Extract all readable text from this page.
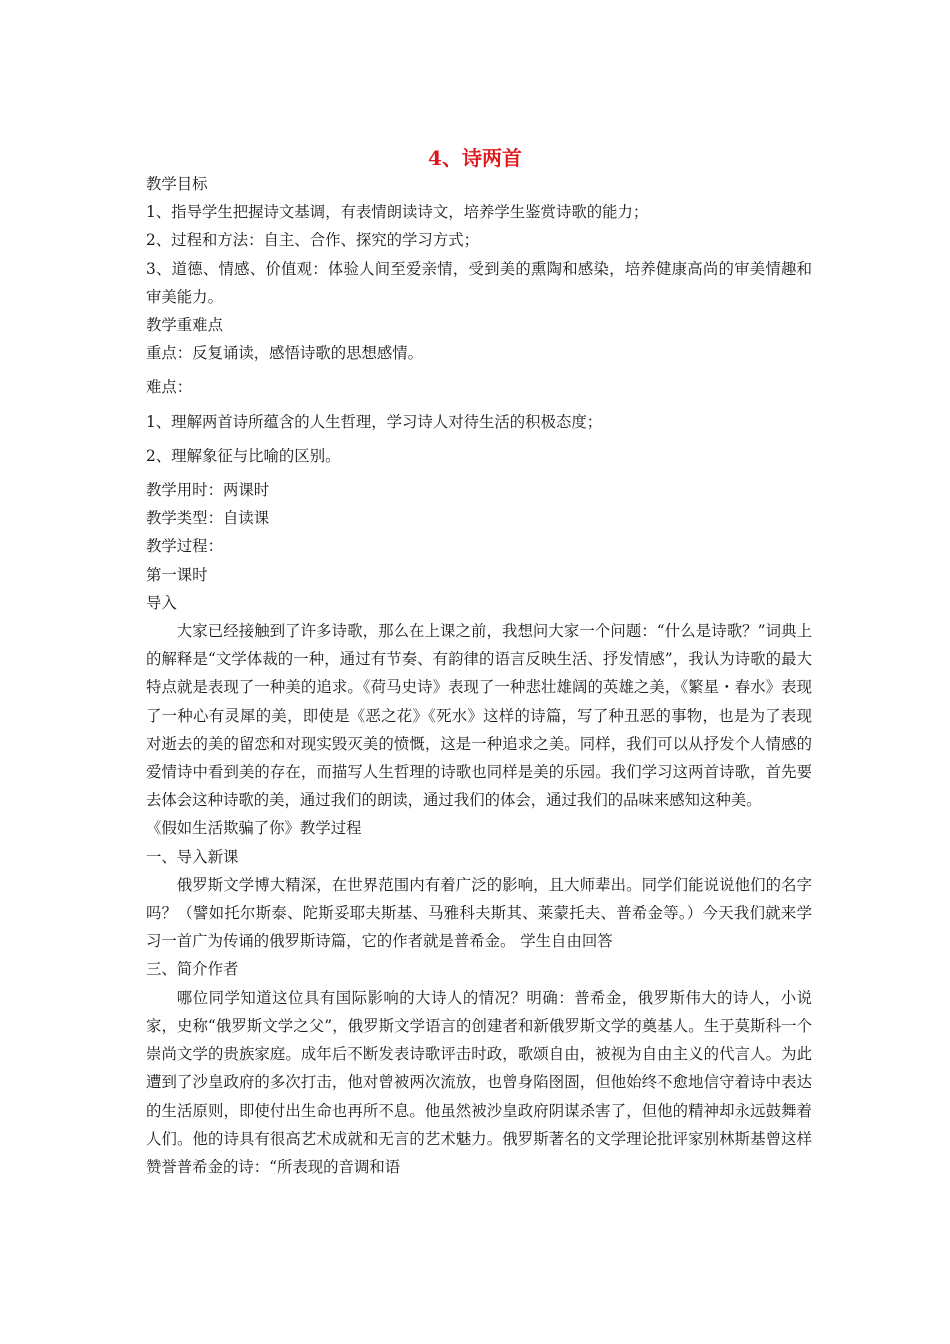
4、诗两首
教学目标
1、指导学生把握诗文基调，有表情朗读诗文，培养学生鉴赏诗歌的能力；
2、过程和方法：自主、合作、探究的学习方式；
3、道德、情感、价值观：体验人间至爱亲情，受到美的熏陶和感染，培养健康高尚的审美情趣和审美能力。
教学重难点
重点：反复诵读，感悟诗歌的思想感情。
难点：
1、理解两首诗所蕴含的人生哲理，学习诗人对待生活的积极态度；
2、理解象征与比喻的区别。
教学用时：两课时
教学类型：自读课
教学过程：
第一课时
导入
大家已经接触到了许多诗歌，那么在上课之前，我想问大家一个问题：“什么是诗歌？”词典上的解释是“文学体裁的一种，通过有节奏、有韵律的语言反映生活、抒发情感”，我认为诗歌的最大特点就是表现了一种美的追求。《荷马史诗》表现了一种悲壮雄阔的英雄之美，《繁星・春水》表现了一种心有灵犀的美，即使是《恶之花》《死水》这样的诗篇，写了种丑恶的事物，也是为了表现对逝去的美的留恋和对现实毁灭美的愤慨，这是一种追求之美。同样，我们可以从抒发个人情感的爱情诗中看到美的存在，而描写人生哲理的诗歌也同样是美的乐园。我们学习这两首诗歌，首先要去体会这种诗歌的美，通过我们的朗读，通过我们的体会，通过我们的品味来感知这种美。
《假如生活欺骗了你》教学过程
一、导入新课
俄罗斯文学博大精深，在世界范围内有着广泛的影响，且大师辈出。同学们能说说他们的名字吗？（譬如托尔斯泰、陀斯妥耶夫斯基、马雅科夫斯其、莱蒙托夫、普希金等。）今天我们就来学习一首广为传诵的俄罗斯诗篇，它的作者就是普希金。 学生自由回答
三、简介作者
哪位同学知道这位具有国际影响的大诗人的情况？明确：普希金，俄罗斯伟大的诗人，小说家，史称“俄罗斯文学之父”，俄罗斯文学语言的创建者和新俄罗斯文学的奠基人。生于莫斯科一个崇尚文学的贵族家庭。成年后不断发表诗歌评击时政，歌颂自由，被视为自由主义的代言人。为此遭到了沙皇政府的多次打击，他对曾被两次流放，也曾身陷囹圄，但他始终不愈地信守着诗中表达的生活原则，即使付出生命也再所不息。他虽然被沙皇政府阴谋杀害了，但他的精神却永远鼓舞着人们。他的诗具有很高艺术成就和无言的艺术魅力。俄罗斯著名的文学理论批评家别林斯基曾这样赞誉普希金的诗：“所表现的音调和语
